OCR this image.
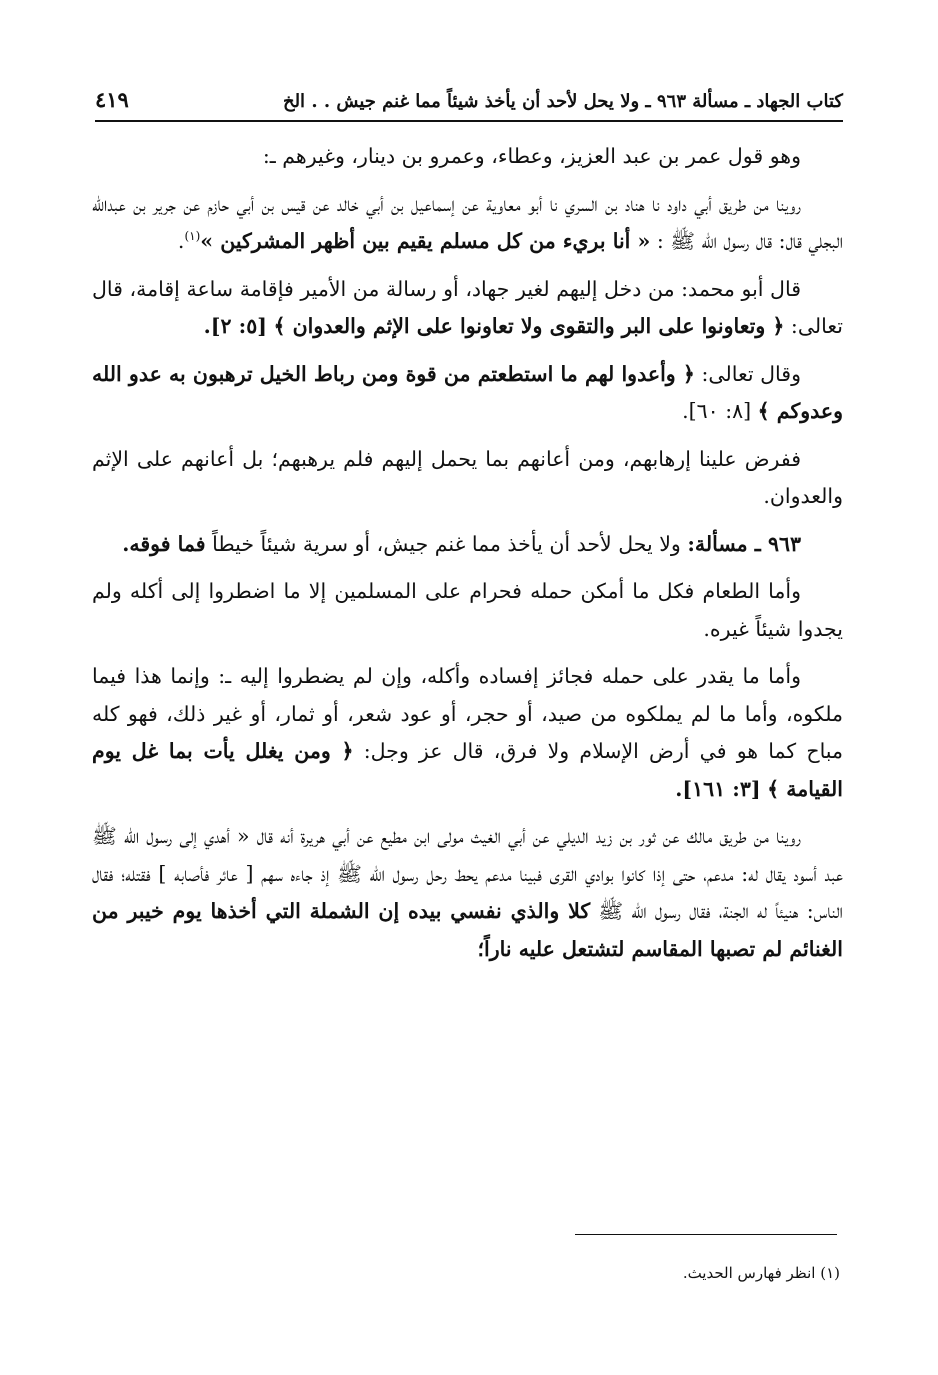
كتاب الجهاد ـ مسألة ٩٦٣ ـ ولا يحل لأحد أن يأخذ شيئاً مما غنم جيش . . الخ
٤١٩

وهو قول عمر بن عبد العزيز، وعطاء، وعمرو بن دينار، وغيرهم ـ:

روينا من طريق أبي داود نا هناد بن السري نا أبو معاوية عن إسماعيل بن أبي خالد عن قيس بن أبي حازم عن جرير بن عبدالله البجلي قال: قال رسول الله ﷺ : « أنا بريء من كل مسلم يقيم بين أظهر المشركين »$^{(١)}$.

قال أبو محمد: من دخل إليهم لغير جهاد، أو رسالة من الأمير فإقامة ساعة إقامة، قال تعالى: ﴿ وتعاونوا على البر والتقوى ولا تعاونوا على الإثم والعدوان ﴾ [٥: ٢].

وقال تعالى: ﴿ وأعدوا لهم ما استطعتم من قوة ومن رباط الخيل ترهبون به عدو الله وعدوكم ﴾ [٨: ٦٠].

ففرض علينا إرهابهم، ومن أعانهم بما يحمل إليهم فلم يرهبهم؛ بل أعانهم على الإثم والعدوان.

٩٦٣ ـ مسألة: ولا يحل لأحد أن يأخذ مما غنم جيش، أو سرية شيئاً خيطاً فما فوقه.

وأما الطعام فكل ما أمكن حمله فحرام على المسلمين إلا ما اضطروا إلى أكله ولم يجدوا شيئاً غيره.

وأما ما يقدر على حمله فجائز إفساده وأكله، وإن لم يضطروا إليه ـ: وإنما هذا فيما ملكوه، وأما ما لم يملكوه من صيد، أو حجر، أو عود شعر، أو ثمار، أو غير ذلك، فهو كله مباح كما هو في أرض الإسلام ولا فرق، قال عز وجل: ﴿ ومن يغلل يأت بما غل يوم القيامة ﴾ [٣: ١٦١].

روينا من طريق مالك عن ثور بن زيد الديلي عن أبي الغيث مولى ابن مطيع عن أبي هريرة أنه قال « أهدي إلى رسول الله ﷺ عبد أسود يقال له: مدعم، حتى إذا كانوا بوادي القرى فبينا مدعم يحط رحل رسول الله ﷺ إذ جاءه سهم [ عائر فأصابه ] فقتله؛ فقال الناس: هنيئاً له الجنة، فقال رسول الله ﷺ كلا والذي نفسي بيده إن الشملة التي أخذها يوم خيبر من الغنائم لم تصبها المقاسم لتشتعل عليه ناراً؛

(١) انظر فهارس الحديث.
